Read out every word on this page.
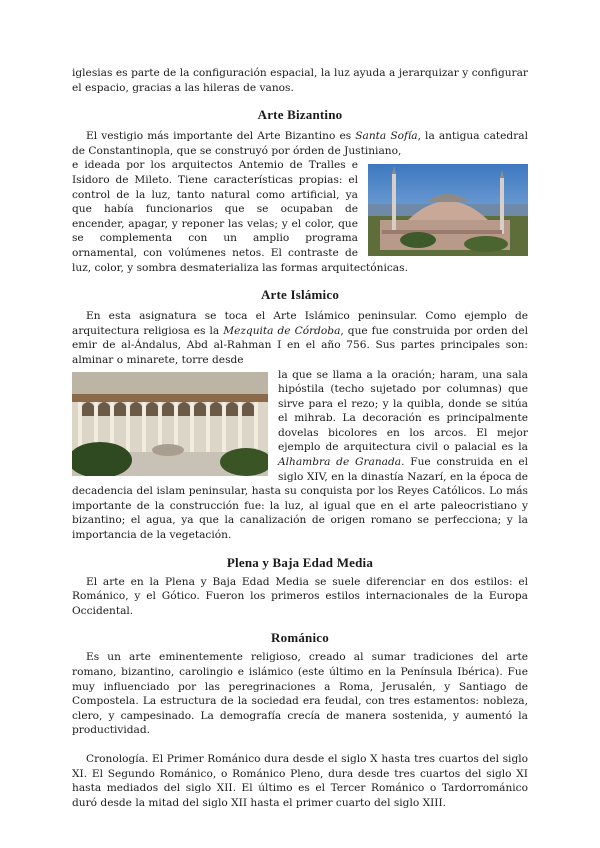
iglesias es parte de la configuración espacial, la luz ayuda a jerarquizar y configurar el espacio, gracias a las hileras de vanos.

Arte Bizantino

El vestigio más importante del Arte Bizantino es Santa Sofía, la antigua catedral de Constantinopla, que se construyó por órden de Justiniano,

e ideada por los arquitectos Antemio de Tralles e Isidoro de Mileto. Tiene características propias: el control de la luz, tanto natural como artificial, ya que había funcionarios que se ocupaban de encender, apagar, y reponer las velas; y el color, que se complementa con un amplio programa ornamental, con volúmenes netos. El contraste de luz, color, y sombra desmaterializa las formas arquitectónicas.

Arte Islámico

En esta asignatura se toca el Arte Islámico peninsular. Como ejemplo de arquitectura religiosa es la Mezquita de Córdoba, que fue construida por orden del emir de al-Ándalus, Abd al-Rahman I en el año 756. Sus partes principales son: alminar o minarete, torre desde

la que se llama a la oración; haram, una sala hipóstila (techo sujetado por columnas) que sirve para el rezo; y la quibla, donde se sitúa el mihrab. La decoración es principalmente dovelas bicolores en los arcos. El mejor ejemplo de arquitectura civil o palacial es la Alhambra de Granada. Fue construida en el siglo XIV, en la dinastía Nazarí, en la época de decadencia del islam peninsular, hasta su conquista por los Reyes Católicos. Lo más importante de la construcción fue: la luz, al igual que en el arte paleocristiano y bizantino; el agua, ya que la canalización de origen romano se perfecciona; y la importancia de la vegetación.

Plena y Baja Edad Media

El arte en la Plena y Baja Edad Media se suele diferenciar en dos estilos: el Románico, y el Gótico. Fueron los primeros estilos internacionales de la Europa Occidental.

Románico

Es un arte eminentemente religioso, creado al sumar tradiciones del arte romano, bizantino, carolingio e islámico (este último en la Península Ibérica). Fue muy influenciado por las peregrinaciones a Roma, Jerusalén, y Santiago de Compostela. La estructura de la sociedad era feudal, con tres estamentos: nobleza, clero, y campesinado. La demografía crecía de manera sostenida, y aumentó la productividad.

Cronología. El Primer Románico dura desde el siglo X hasta tres cuartos del siglo XI. El Segundo Románico, o Románico Pleno, dura desde tres cuartos del siglo XI hasta mediados del siglo XII. El último es el Tercer Románico o Tardorrománico duró desde la mitad del siglo XII hasta el primer cuarto del siglo XIII.
